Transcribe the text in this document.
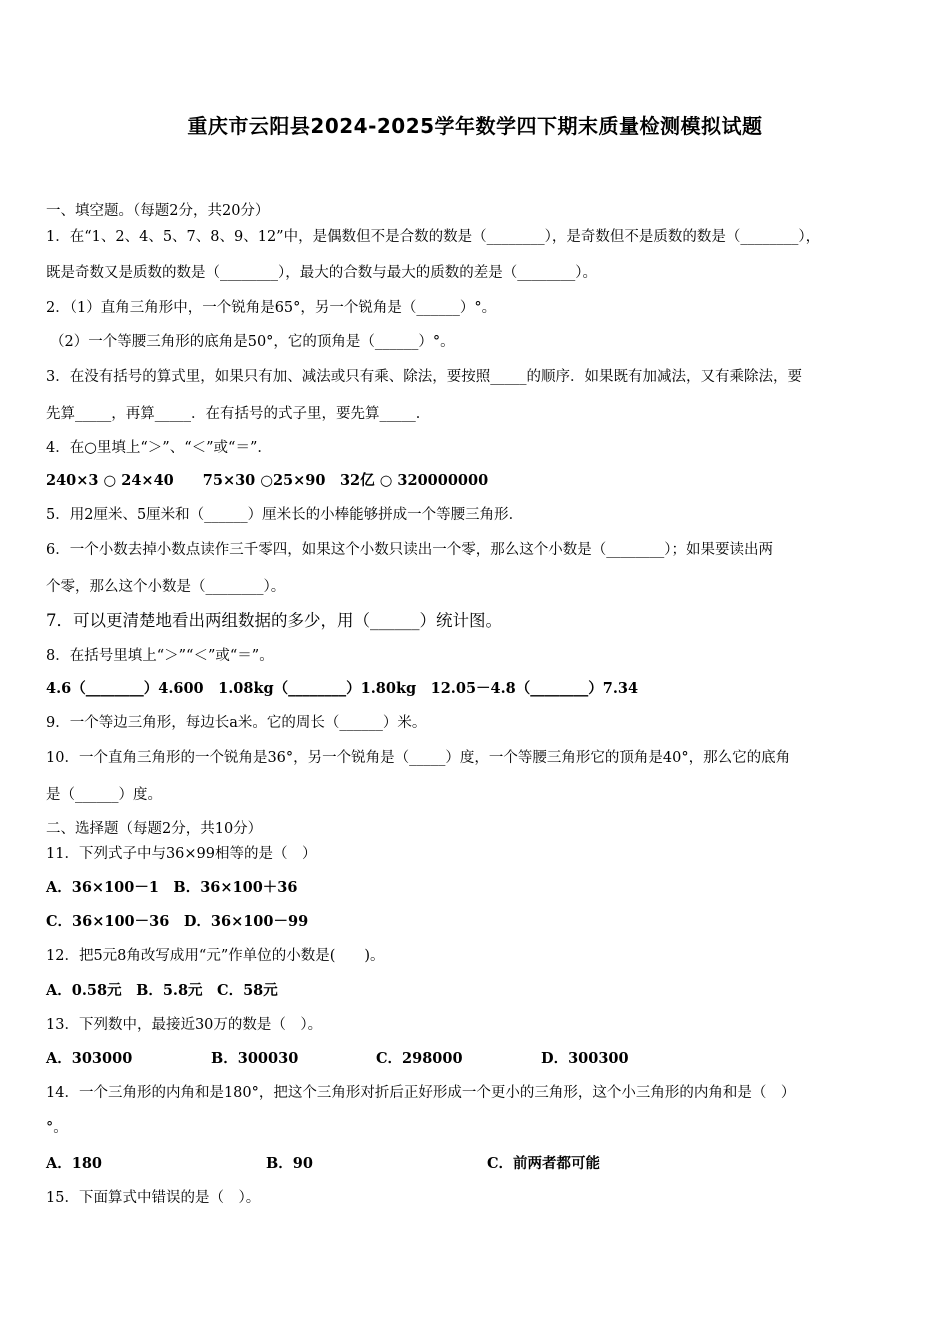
重庆市云阳县2024-2025学年数学四下期末质量检测模拟试题
一、填空题。（每题2分，共20分）
1．在“1、2、4、5、7、8、9、12”中，是偶数但不是合数的数是（________），是奇数但不是质数的数是（________），
既是奇数又是质数的数是（________），最大的合数与最大的质数的差是（________）。
2．（1）直角三角形中，一个锐角是65°，另一个锐角是（______）°。
（2）一个等腰三角形的底角是50°，它的顶角是（______）°。
3．在没有括号的算式里，如果只有加、减法或只有乘、除法，要按照_____的顺序．如果既有加减法，又有乘除法，要
先算_____，再算_____．在有括号的式子里，要先算_____．
4．在○里填上“＞”、“＜”或“＝”．
240×3 ○ 24×40　　75×30 ○25×90　32亿 ○ 320000000
5．用2厘米、5厘米和（______）厘米长的小棒能够拼成一个等腰三角形．
6．一个小数去掉小数点读作三千零四，如果这个小数只读出一个零，那么这个小数是（________）；如果要读出两
个零，那么这个小数是（________）。
7．可以更清楚地看出两组数据的多少，用（______）统计图。
8．在括号里填上“＞”“＜”或“＝”。
4.6（________）4.600　1.08kg（________）1.80kg　12.05－4.8（________）7.34
9．一个等边三角形，每边长a米。它的周长（______）米。
10．一个直角三角形的一个锐角是36°，另一个锐角是（_____）度，一个等腰三角形它的顶角是40°，那么它的底角
是（______）度。
二、选择题（每题2分，共10分）
11．下列式子中与36×99相等的是（　）
A．36×100－1　B．36×100＋36
C．36×100－36　D．36×100－99
12．把5元8角改写成用“元”作单位的小数是(　　)。
A．0.58元　B．5.8元　C．58元
13．下列数中，最接近30万的数是（　）。
A．303000	B．300030	C．298000	D．300300
14．一个三角形的内角和是180°，把这个三角形对折后正好形成一个更小的三角形，这个小三角形的内角和是（　）
°。
A．180	B．90	C．前两者都可能
15．下面算式中错误的是（　）。
